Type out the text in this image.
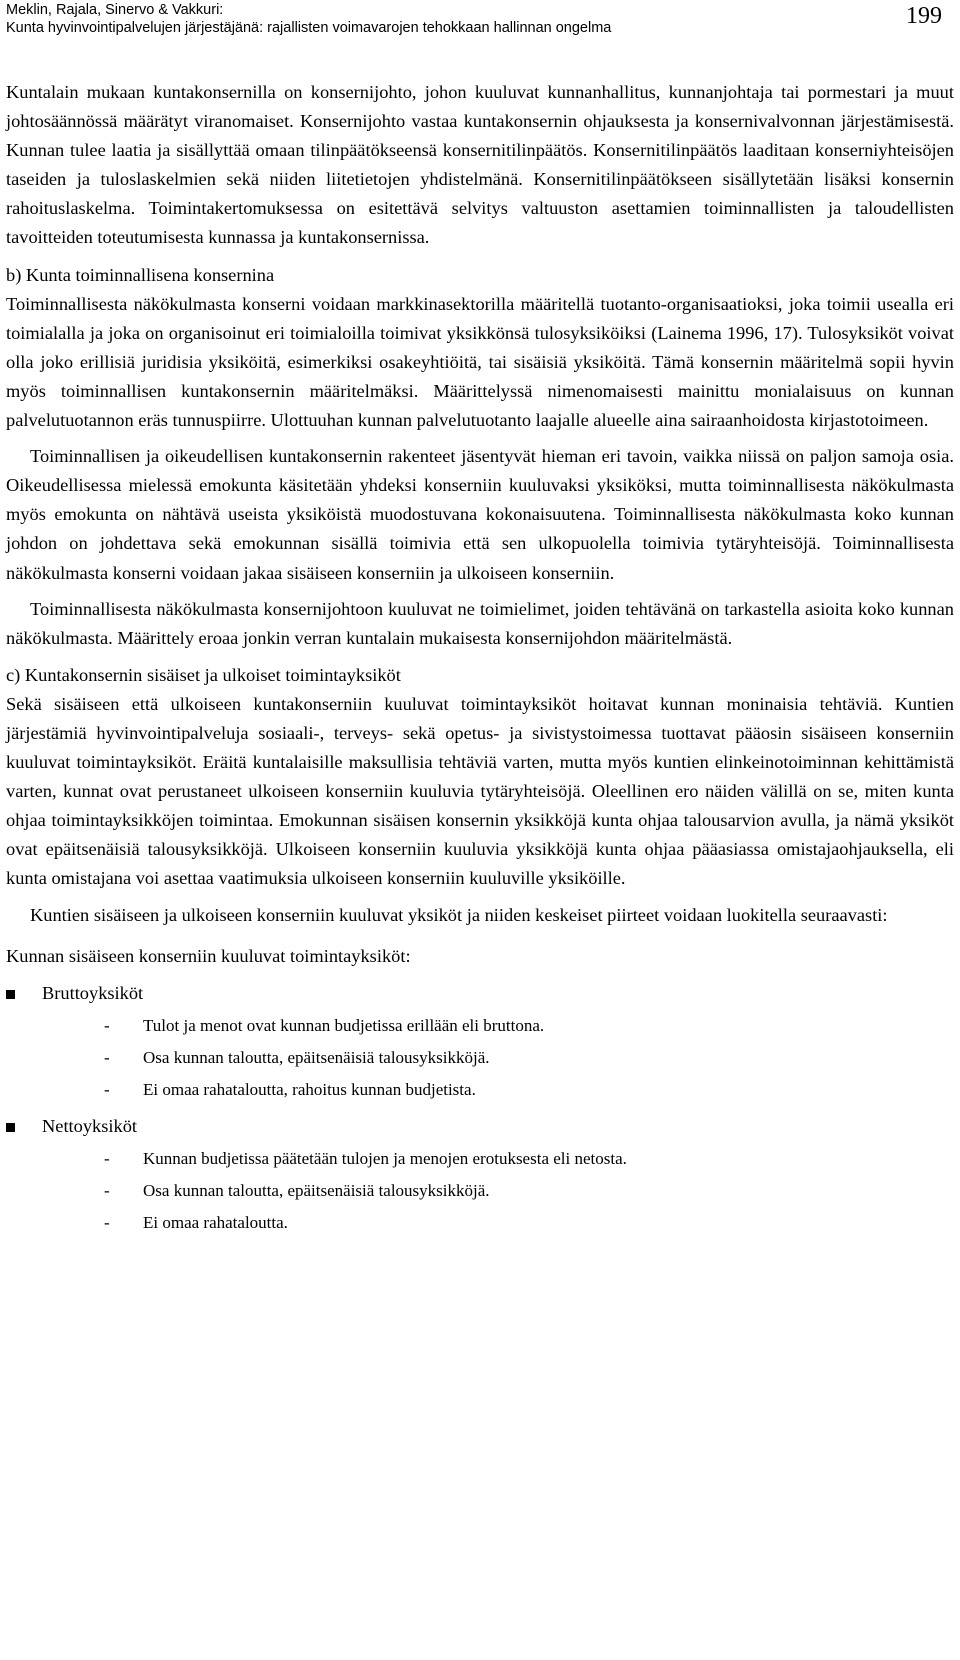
Meklin, Rajala, Sinervo & Vakkuri:
Kunta hyvinvointipalvelujen järjestäjänä: rajallisten voimavarojen tehokkaan hallinnan ongelma	199

Kuntalain mukaan kuntakonsernilla on konsernijohto, johon kuuluvat kunnanhallitus, kunnanjohtaja tai pormestari ja muut johtosäännössä määrätyt viranomaiset. Konsernijohto vastaa kuntakonsernin ohjauksesta ja konsernivalvonnan järjestämisestä. Kunnan tulee laatia ja sisällyttää omaan tilinpäätökseensä konsernitilinpäätös. Konsernitilinpäätös laaditaan konserniyhteisöjen taseiden ja tuloslaskelmien sekä niiden liitetietojen yhdistelmänä. Konsernitilinpäätökseen sisällytetään lisäksi konsernin rahoituslaskelma. Toimintakertomuksessa on esitettävä selvitys valtuuston asettamien toiminnallisten ja taloudellisten tavoitteiden toteutumisesta kunnassa ja kuntakonsernissa.

b) Kunta toiminnallisena konsernina

Toiminnallisesta näkökulmasta konserni voidaan markkinasektorilla määritellä tuotanto-organisaatioksi, joka toimii usealla eri toimialalla ja joka on organisoinut eri toimialoilla toimivat yksikkönsä tulosyksiköiksi (Lainema 1996, 17). Tulosyksiköt voivat olla joko erillisiä juridisia yksiköitä, esimerkiksi osakeyhtiöitä, tai sisäisiä yksiköitä. Tämä konsernin määritelmä sopii hyvin myös toiminnallisen kuntakonsernin määritelmäksi. Määrittelyssä nimenomaisesti mainittu monialaisuus on kunnan palvelutuotannon eräs tunnuspiirre. Ulottuuhan kunnan palvelutuotanto laajalle alueelle aina sairaanhoidosta kirjastotoimeen.

Toiminnallisen ja oikeudellisen kuntakonsernin rakenteet jäsentyvät hieman eri tavoin, vaikka niissä on paljon samoja osia. Oikeudellisessa mielessä emokunta käsitetään yhdeksi konserniin kuuluvaksi yksiköksi, mutta toiminnallisesta näkökulmasta myös emokunta on nähtävä useista yksiköistä muodostuvana kokonaisuutena. Toiminnallisesta näkökulmasta koko kunnan johdon on johdettava sekä emokunnan sisällä toimivia että sen ulkopuolella toimivia tytäryhteisöjä. Toiminnallisesta näkökulmasta konserni voidaan jakaa sisäiseen konserniin ja ulkoiseen konserniin.

Toiminnallisesta näkökulmasta konsernijohtoon kuuluvat ne toimielimet, joiden tehtävänä on tarkastella asioita koko kunnan näkökulmasta. Määrittely eroaa jonkin verran kuntalain mukaisesta konsernijohdon määritelmästä.

c) Kuntakonsernin sisäiset ja ulkoiset toimintayksiköt

Sekä sisäiseen että ulkoiseen kuntakonserniin kuuluvat toimintayksiköt hoitavat kunnan moninaisia tehtäviä. Kuntien järjestämiä hyvinvointipalveluja sosiaali-, terveys- sekä opetus- ja sivistystoimessa tuottavat pääosin sisäiseen konserniin kuuluvat toimintayksiköt. Eräitä kuntalaisille maksullisia tehtäviä varten, mutta myös kuntien elinkeinotoiminnan kehittämistä varten, kunnat ovat perustaneet ulkoiseen konserniin kuuluvia tytäryhteisöjä. Oleellinen ero näiden välillä on se, miten kunta ohjaa toimintayksikköjen toimintaa. Emokunnan sisäisen konsernin yksikköjä kunta ohjaa talousarvion avulla, ja nämä yksiköt ovat epäitsenäisiä talousyksikköjä. Ulkoiseen konserniin kuuluvia yksikköjä kunta ohjaa pääasiassa omistajaohjauksella, eli kunta omistajana voi asettaa vaatimuksia ulkoiseen konserniin kuuluville yksiköille.

Kuntien sisäiseen ja ulkoiseen konserniin kuuluvat yksiköt ja niiden keskeiset piirteet voidaan luokitella seuraavasti:

Kunnan sisäiseen konserniin kuuluvat toimintayksiköt:

Bruttoyksiköt
- Tulot ja menot ovat kunnan budjetissa erillään eli bruttona.
- Osa kunnan taloutta, epäitsenäisiä talousyksikköjä.
- Ei omaa rahataloutta, rahoitus kunnan budjetista.
Nettoyksiköt
- Kunnan budjetissa päätetään tulojen ja menojen erotuksesta eli netosta.
- Osa kunnan taloutta, epäitsenäisiä talousyksikköjä.
- Ei omaa rahataloutta.
